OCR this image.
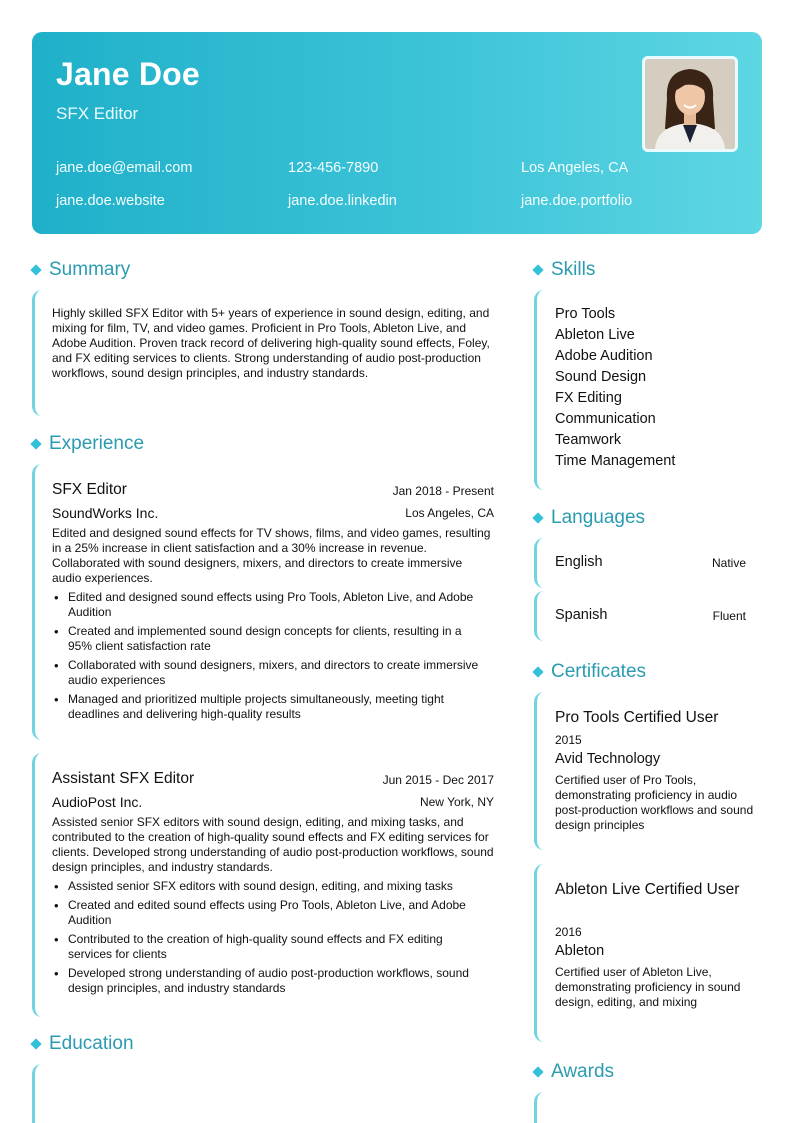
Jane Doe
SFX Editor
jane.doe@email.com	123-456-7890	Los Angeles, CA
jane.doe.website	jane.doe.linkedin	jane.doe.portfolio
Summary
Highly skilled SFX Editor with 5+ years of experience in sound design, editing, and mixing for film, TV, and video games. Proficient in Pro Tools, Ableton Live, and Adobe Audition. Proven track record of delivering high-quality sound effects, Foley, and FX editing services to clients. Strong understanding of audio post-production workflows, sound design principles, and industry standards.
Experience
SFX Editor	Jan 2018 - Present
SoundWorks Inc.	Los Angeles, CA
Edited and designed sound effects for TV shows, films, and video games, resulting in a 25% increase in client satisfaction and a 30% increase in revenue. Collaborated with sound designers, mixers, and directors to create immersive audio experiences.
• Edited and designed sound effects using Pro Tools, Ableton Live, and Adobe Audition
• Created and implemented sound design concepts for clients, resulting in a 95% client satisfaction rate
• Collaborated with sound designers, mixers, and directors to create immersive audio experiences
• Managed and prioritized multiple projects simultaneously, meeting tight deadlines and delivering high-quality results
Assistant SFX Editor	Jun 2015 - Dec 2017
AudioPost Inc.	New York, NY
Assisted senior SFX editors with sound design, editing, and mixing tasks, and contributed to the creation of high-quality sound effects and FX editing services for clients. Developed strong understanding of audio post-production workflows, sound design principles, and industry standards.
• Assisted senior SFX editors with sound design, editing, and mixing tasks
• Created and edited sound effects using Pro Tools, Ableton Live, and Adobe Audition
• Contributed to the creation of high-quality sound effects and FX editing services for clients
• Developed strong understanding of audio post-production workflows, sound design principles, and industry standards
Education
Skills
Pro Tools
Ableton Live
Adobe Audition
Sound Design
FX Editing
Communication
Teamwork
Time Management
Languages
English	Native
Spanish	Fluent
Certificates
Pro Tools Certified User
2015
Avid Technology
Certified user of Pro Tools, demonstrating proficiency in audio post-production workflows and sound design principles
Ableton Live Certified User
2016
Ableton
Certified user of Ableton Live, demonstrating proficiency in sound design, editing, and mixing
Awards
